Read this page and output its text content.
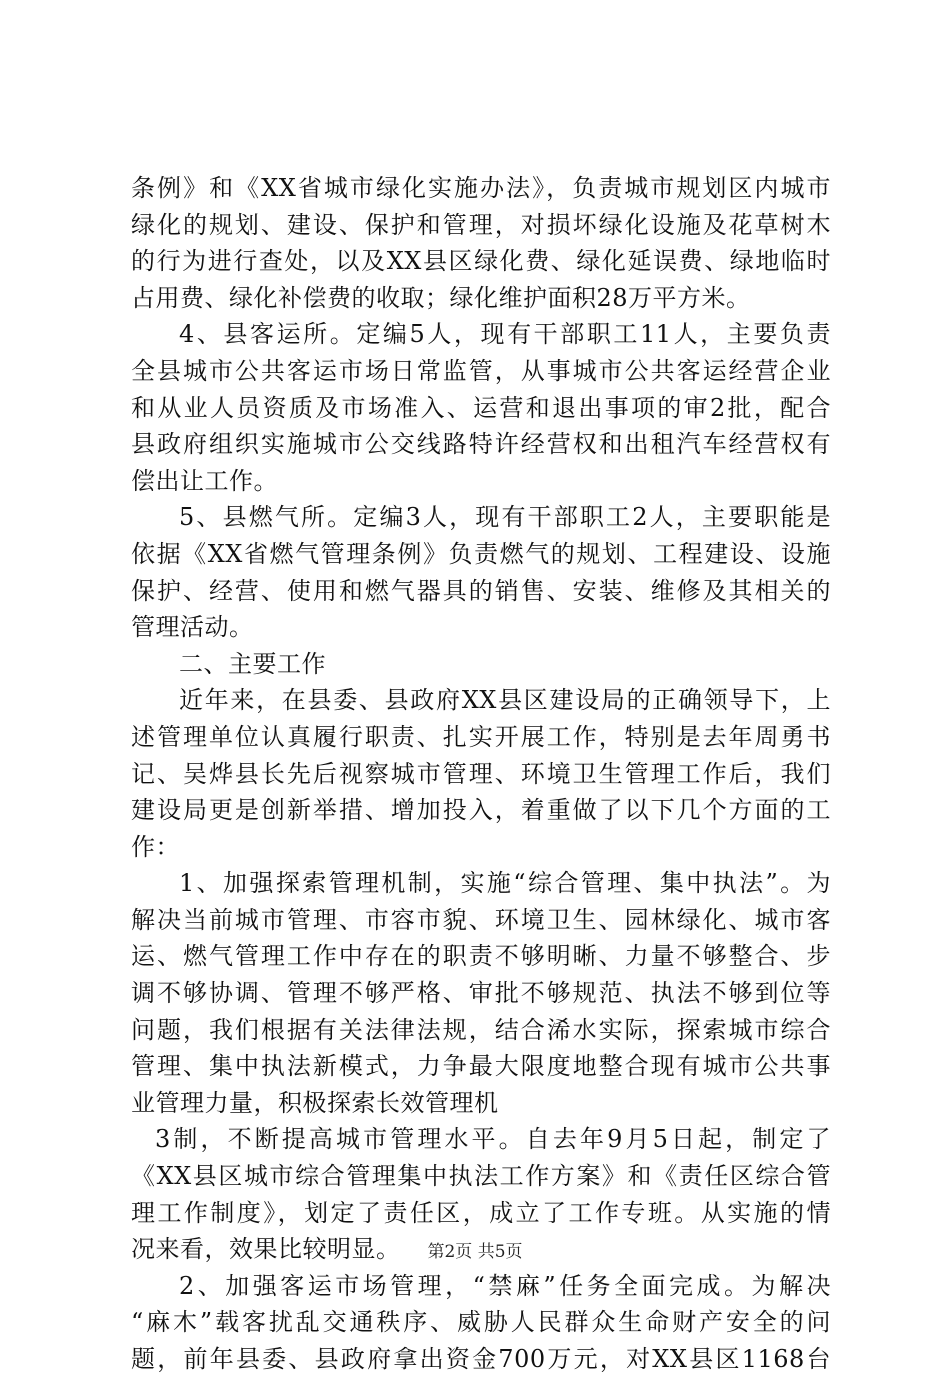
条例》和《XX省城市绿化实施办法》，负责城市规划区内城市
绿化的规划、建设、保护和管理，对损坏绿化设施及花草树木
的行为进行查处，以及XX县区绿化费、绿化延误费、绿地临时
占用费、绿化补偿费的收取；绿化维护面积28万平方米。
4、县客运所。定编5人，现有干部职工11人，主要负责
全县城市公共客运市场日常监管，从事城市公共客运经营企业
和从业人员资质及市场准入、运营和退出事项的审2批，配合
县政府组织实施城市公交线路特许经营权和出租汽车经营权有
偿出让工作。
5、县燃气所。定编3人，现有干部职工2人，主要职能是
依据《XX省燃气管理条例》负责燃气的规划、工程建设、设施
保护、经营、使用和燃气器具的销售、安装、维修及其相关的
管理活动。
二、主要工作
近年来，在县委、县政府XX县区建设局的正确领导下，上
述管理单位认真履行职责、扎实开展工作，特别是去年周勇书
记、吴烨县长先后视察城市管理、环境卫生管理工作后，我们
建设局更是创新举措、增加投入，着重做了以下几个方面的工
作：
1、加强探索管理机制，实施“综合管理、集中执法”。为
解决当前城市管理、市容市貌、环境卫生、园林绿化、城市客
运、燃气管理工作中存在的职责不够明晰、力量不够整合、步
调不够协调、管理不够严格、审批不够规范、执法不够到位等
问题，我们根据有关法律法规，结合浠水实际，探索城市综合
管理、集中执法新模式，力争最大限度地整合现有城市公共事
业管理力量，积极探索长效管理机
3制，不断提高城市管理水平。自去年9月5日起，制定了
《XX县区城市综合管理集中执法工作方案》和《责任区综合管
理工作制度》，划定了责任区，成立了工作专班。从实施的情
况来看，效果比较明显。
2、加强客运市场管理，“禁麻”任务全面完成。为解决
“麻木”载客扰乱交通秩序、威胁人民群众生命财产安全的问
题，前年县委、县政府拿出资金700万元，对XX县区1168台
第2页 共5页
